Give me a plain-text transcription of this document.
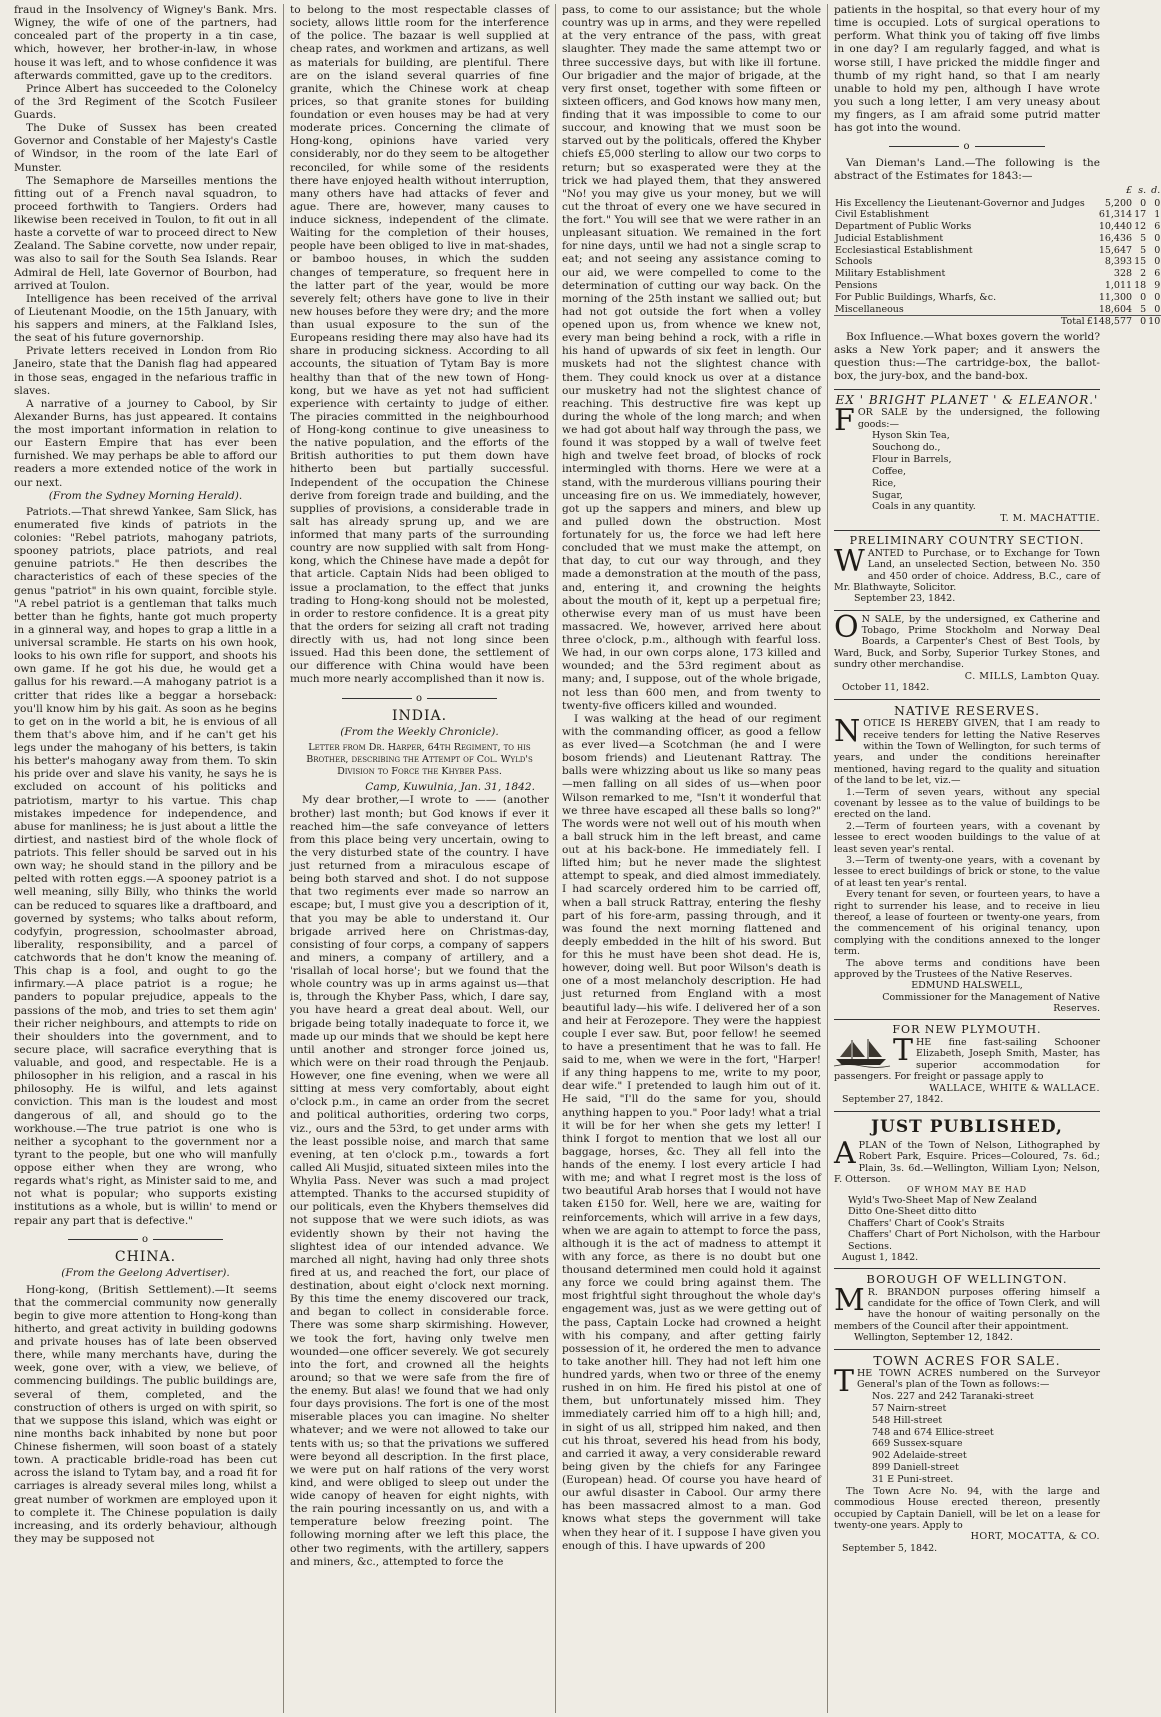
fraud in the Insolvency of Wigney's Bank. Mrs. Wigney, the wife of one of the partners, had concealed part of the property in a tin case, which, however, her brother-in-law, in whose house it was left, and to whose confidence it was afterwards committed, gave up to the creditors.

Prince Albert has succeeded to the Colonelcy of the 3rd Regiment of the Scotch Fusileer Guards.

The Duke of Sussex has been created Governor and Constable of her Majesty's Castle of Windsor, in the room of the late Earl of Munster.

The Semaphore de Marseilles mentions the fitting out of a French naval squadron, to proceed forthwith to Tangiers. Orders had likewise been received in Toulon, to fit out in all haste a corvette of war to proceed direct to New Zealand. The Sabine corvette, now under repair, was also to sail for the South Sea Islands. Rear Admiral de Hell, late Governor of Bourbon, had arrived at Toulon.

Intelligence has been received of the arrival of Lieutenant Moodie, on the 15th January, with his sappers and miners, at the Falkland Isles, the seat of his future governorship.

Private letters received in London from Rio Janeiro, state that the Danish flag had appeared in those seas, engaged in the nefarious traffic in slaves.

A narrative of a journey to Cabool, by Sir Alexander Burns, has just appeared. It contains the most important information in relation to our Eastern Empire that has ever been furnished. We may perhaps be able to afford our readers a more extended notice of the work in our next.

(From the Sydney Morning Herald).

Patriots.—That shrewd Yankee, Sam Slick, has enumerated five kinds of patriots in the colonies: "Rebel patriots, mahogany patriots, spooney patriots, place patriots, and real genuine patriots." He then describes the characteristics of each of these species of the genus "patriot" in his own quaint, forcible style. "A rebel patriot is a gentleman that talks much better than he fights, hante got much property in a ginneral way, and hopes to grap a little in a universal scramble. He starts on his own hook, looks to his own rifle for support, and shoots his own game. If he got his due, he would get a gallus for his reward.—A mahogany patriot is a critter that rides like a beggar a horseback: you'll know him by his gait. As soon as he begins to get on in the world a bit, he is envious of all them that's above him, and if he can't get his legs under the mahogany of his betters, is takin his better's mahogany away from them. To skin his pride over and slave his vanity, he says he is excluded on account of his politicks and patriotism, martyr to his vartue. This chap mistakes impedence for independence, and abuse for manliness; he is just about a little the dirtiest, and nastiest bird of the whole flock of patriots. This feller should be sarved out in his own way; he should stand in the pillory and be pelted with rotten eggs.—A spooney patriot is a well meaning, silly Billy, who thinks the world can be reduced to squares like a draftboard, and governed by systems; who talks about reform, codyfyin, progression, schoolmaster abroad, liberality, responsibility, and a parcel of catchwords that he don't know the meaning of. This chap is a fool, and ought to go the infirmary.—A place patriot is a rogue; he panders to popular prejudice, appeals to the passions of the mob, and tries to set them agin' their richer neighbours, and attempts to ride on their shoulders into the government, and to secure place, will sacrafice everything that is valuable, and good, and respectable. He is a philosopher in his religion, and a rascal in his philosophy. He is wilful, and lets against conviction. This man is the loudest and most dangerous of all, and should go to the workhouse.—The true patriot is one who is neither a sycophant to the government nor a tyrant to the people, but one who will manfully oppose either when they are wrong, who regards what's right, as Minister said to me, and not what is popular; who supports existing institutions as a whole, but is willin' to mend or repair any part that is defective."

o
CHINA.
(From the Geelong Advertiser).

Hong-kong, (British Settlement).—It seems that the commercial community now generally begin to give more attention to Hong-kong than hitherto, and great activity in building godowns and private houses has of late been observed there, while many merchants have, during the week, gone over, with a view, we believe, of commencing buildings. The public buildings are, several of them, completed, and the construction of others is urged on with spirit, so that we suppose this island, which was eight or nine months back inhabited by none but poor Chinese fishermen, will soon boast of a stately town. A practicable bridle-road has been cut across the island to Tytam bay, and a road fit for carriages is already several miles long, whilst a great number of workmen are employed upon it to complete it. The Chinese population is daily increasing, and its orderly behaviour, although they may be supposed not

to belong to the most respectable classes of society, allows little room for the interference of the police. The bazaar is well supplied at cheap rates, and workmen and artizans, as well as materials for building, are plentiful. There are on the island several quarries of fine granite, which the Chinese work at cheap prices, so that granite stones for building foundation or even houses may be had at very moderate prices. Concerning the climate of Hong-kong, opinions have varied very considerably, nor do they seem to be altogether reconciled, for while some of the residents there have enjoyed health without interruption, many others have had attacks of fever and ague. There are, however, many causes to induce sickness, independent of the climate. Waiting for the completion of their houses, people have been obliged to live in mat-shades, or bamboo houses, in which the sudden changes of temperature, so frequent here in the latter part of the year, would be more severely felt; others have gone to live in their new houses before they were dry; and the more than usual exposure to the sun of the Europeans residing there may also have had its share in producing sickness. According to all accounts, the situation of Tytam Bay is more healthy than that of the new town of Hong-kong, but we have as yet not had sufficient experience with certainty to judge of either. The piracies committed in the neighbourhood of Hong-kong continue to give uneasiness to the native population, and the efforts of the British authorities to put them down have hitherto been but partially successful. Independent of the occupation the Chinese derive from foreign trade and building, and the supplies of provisions, a considerable trade in salt has already sprung up, and we are informed that many parts of the surrounding country are now supplied with salt from Hong-kong, which the Chinese have made a depôt for that article. Captain Nids had been obliged to issue a proclamation, to the effect that junks trading to Hong-kong should not be molested, in order to restore confidence. It is a great pity that the orders for seizing all craft not trading directly with us, had not long since been issued. Had this been done, the settlement of our difference with China would have been much more nearly accomplished than it now is.

o
INDIA.
(From the Weekly Chronicle).
Letter from Dr. Harper, 64th Regiment, to his Brother, describing the Attempt of Col. Wyld's Division to Force the Khyber Pass.
Camp, Kuwulnia, Jan. 31, 1842.

My dear brother,—I wrote to —— (another brother) last month; but God knows if ever it reached him—the safe conveyance of letters from this place being very uncertain, owing to the very disturbed state of the country. I have just returned from a miraculous escape of being both starved and shot. I do not suppose that two regiments ever made so narrow an escape; but, I must give you a description of it, that you may be able to understand it. Our brigade arrived here on Christmas-day, consisting of four corps, a company of sappers and miners, a company of artillery, and a 'risallah of local horse'; but we found that the whole country was up in arms against us—that is, through the Khyber Pass, which, I dare say, you have heard a great deal about. Well, our brigade being totally inadequate to force it, we made up our minds that we should be kept here until another and stronger force joined us, which were on their road through the Penjaub. However, one fine evening, when we were all sitting at mess very comfortably, about eight o'clock p.m., in came an order from the secret and political authorities, ordering two corps, viz., ours and the 53rd, to get under arms with the least possible noise, and march that same evening, at ten o'clock p.m., towards a fort called Ali Musjid, situated sixteen miles into the Whylia Pass. Never was such a mad project attempted. Thanks to the accursed stupidity of our politicals, even the Khybers themselves did not suppose that we were such idiots, as was evidently shown by their not having the slightest idea of our intended advance. We marched all night, having had only three shots fired at us, and reached the fort, our place of destination, about eight o'clock next morning. By this time the enemy discovered our track, and began to collect in considerable force. There was some sharp skirmishing. However, we took the fort, having only twelve men wounded—one officer severely. We got securely into the fort, and crowned all the heights around; so that we were safe from the fire of the enemy. But alas! we found that we had only four days provisions. The fort is one of the most miserable places you can imagine. No shelter whatever; and we were not allowed to take our tents with us; so that the privations we suffered were beyond all description. In the first place, we were put on half rations of the very worst kind, and were obliged to sleep out under the wide canopy of heaven for eight nights, with the rain pouring incessantly on us, and with a temperature below freezing point. The following morning after we left this place, the other two regiments, with the artillery, sappers and miners, &c., attempted to force the

pass, to come to our assistance; but the whole country was up in arms, and they were repelled at the very entrance of the pass, with great slaughter. They made the same attempt two or three successive days, but with like ill fortune. Our brigadier and the major of brigade, at the very first onset, together with some fifteen or sixteen officers, and God knows how many men, finding that it was impossible to come to our succour, and knowing that we must soon be starved out by the politicals, offered the Khyber chiefs £5,000 sterling to allow our two corps to return; but so exasperated were they at the trick we had played them, that they answered "No! you may give us your money, but we will cut the throat of every one we have secured in the fort." You will see that we were rather in an unpleasant situation. We remained in the fort for nine days, until we had not a single scrap to eat; and not seeing any assistance coming to our aid, we were compelled to come to the determination of cutting our way back. On the morning of the 25th instant we sallied out; but had not got outside the fort when a volley opened upon us, from whence we knew not, every man being behind a rock, with a rifle in his hand of upwards of six feet in length. Our muskets had not the slightest chance with them. They could knock us over at a distance our musketry had not the slightest chance of reaching. This destructive fire was kept up during the whole of the long march; and when we had got about half way through the pass, we found it was stopped by a wall of twelve feet high and twelve feet broad, of blocks of rock intermingled with thorns. Here we were at a stand, with the murderous villians pouring their unceasing fire on us. We immediately, however, got up the sappers and miners, and blew up and pulled down the obstruction. Most fortunately for us, the force we had left here concluded that we must make the attempt, on that day, to cut our way through, and they made a demonstration at the mouth of the pass, and, entering it, and crowning the heights about the mouth of it, kept up a perpetual fire; otherwise every man of us must have been massacred. We, however, arrived here about three o'clock, p.m., although with fearful loss. We had, in our own corps alone, 173 killed and wounded; and the 53rd regiment about as many; and, I suppose, out of the whole brigade, not less than 600 men, and from twenty to twenty-five officers killed and wounded.

I was walking at the head of our regiment with the commanding officer, as good a fellow as ever lived—a Scotchman (he and I were bosom friends) and Lieutenant Rattray. The balls were whizzing about us like so many peas —men falling on all sides of us—when poor Wilson remarked to me, "Isn't it wonderful that we three have escaped all these balls so long?" The words were not well out of his mouth when a ball struck him in the left breast, and came out at his back-bone. He immediately fell. I lifted him; but he never made the slightest attempt to speak, and died almost immediately. I had scarcely ordered him to be carried off, when a ball struck Rattray, entering the fleshy part of his fore-arm, passing through, and it was found the next morning flattened and deeply embedded in the hilt of his sword. But for this he must have been shot dead. He is, however, doing well. But poor Wilson's death is one of a most melancholy description. He had just returned from England with a most beautiful lady—his wife. I delivered her of a son and heir at Ferozepore. They were the happiest couple I ever saw. But, poor fellow! he seemed to have a presentiment that he was to fall. He said to me, when we were in the fort, "Harper! if any thing happens to me, write to my poor, dear wife." I pretended to laugh him out of it. He said, "I'll do the same for you, should anything happen to you." Poor lady! what a trial it will be for her when she gets my letter! I think I forgot to mention that we lost all our baggage, horses, &c. They all fell into the hands of the enemy. I lost every article I had with me; and what I regret most is the loss of two beautiful Arab horses that I would not have taken £150 for. Well, here we are, waiting for reinforcements, which will arrive in a few days, when we are again to attempt to force the pass, although it is the act of madness to attempt it with any force, as there is no doubt but one thousand determined men could hold it against any force we could bring against them. The most frightful sight throughout the whole day's engagement was, just as we were getting out of the pass, Captain Locke had crowned a height with his company, and after getting fairly possession of it, he ordered the men to advance to take another hill. They had not left him one hundred yards, when two or three of the enemy rushed in on him. He fired his pistol at one of them, but unfortunately missed him. They immediately carried him off to a high hill; and, in sight of us all, stripped him naked, and then cut his throat, severed his head from his body, and carried it away, a very considerable reward being given by the chiefs for any Faringee (European) head. Of course you have heard of our awful disaster in Cabool. Our army there has been massacred almost to a man. God knows what steps the government will take when they hear of it. I suppose I have given you enough of this. I have upwards of 200

patients in the hospital, so that every hour of my time is occupied. Lots of surgical operations to perform. What think you of taking off five limbs in one day? I am regularly fagged, and what is worse still, I have pricked the middle finger and thumb of my right hand, so that I am nearly unable to hold my pen, although I have wrote you such a long letter, I am very uneasy about my fingers, as I am afraid some putrid matter has got into the wound.

o

Van Dieman's Land.—The following is the abstract of the Estimates for 1843:—

	£	s.	d.
His Excellency the Lieutenant-Governor and Judges	5,200	0	0
Civil Establishment	61,314	17	1
Department of Public Works	10,440	12	6
Judicial Establishment	16,436	5	0
Ecclesiastical Establishment	15,647	5	0
Schools	8,393	15	0
Military Establishment	328	2	6
Pensions	1,011	18	9
For Public Buildings, Wharfs, &c.	11,300	0	0
Miscellaneous	18,604	5	0
Total	£148,577	0	10

Box Influence.—What boxes govern the world? asks a New York paper; and it answers the question thus:—The cartridge-box, the ballot-box, the jury-box, and the band-box.

EX ' BRIGHT PLANET ' & ELEANOR.'
FOR SALE by the undersigned, the following goods:—
Hyson Skin Tea,
Souchong do.,
Flour in Barrels,
Coffee,
Rice,
Sugar,
Coals in any quantity.
T. M. MACHATTIE.
PRELIMINARY COUNTRY SECTION.
WANTED to Purchase, or to Exchange for Town Land, an unselected Section, between No. 350 and 450 order of choice. Address, B.C., care of Mr. Blathwayte, Solicitor.
September 23, 1842.
O N SALE, by the undersigned, ex Catherine and Tobago, Prime Stockholm and Norway Deal Boards, a Carpenter's Chest of Best Tools, by Ward, Buck, and Sorby, Superior Turkey Stones, and sundry other merchandise.
C. MILLS, Lambton Quay.
October 11, 1842.
NATIVE RESERVES.
NOTICE IS HEREBY GIVEN, that I am ready to receive tenders for letting the Native Reserves within the Town of Wellington, for such terms of years, and under the conditions hereinafter mentioned, having regard to the quality and situation of the land to be let, viz.—

1.—Term of seven years, without any special covenant by lessee as to the value of buildings to be erected on the land.

2.—Term of fourteen years, with a covenant by lessee to erect wooden buildings to the value of at least seven year's rental.

3.—Term of twenty-one years, with a covenant by lessee to erect buildings of brick or stone, to the value of at least ten year's rental.

Every tenant for seven, or fourteen years, to have a right to surrender his lease, and to receive in lieu thereof, a lease of fourteen or twenty-one years, from the commencement of his original tenancy, upon complying with the conditions annexed to the longer term.

The above terms and conditions have been approved by the Trustees of the Native Reserves.

EDMUND HALSWELL,
Commissioner for the Management of Native Reserves.
FOR NEW PLYMOUTH.
THE fine fast-sailing Schooner Elizabeth, Joseph Smith, Master, has superior accommodation for passengers. For freight or passage apply to
WALLACE, WHITE & WALLACE.
September 27, 1842.
JUST PUBLISHED,
APLAN of the Town of Nelson, Lithographed by Robert Park, Esquire. Prices—Coloured, 7s. 6d.; Plain, 3s. 6d.—Wellington, William Lyon; Nelson, F. Otterson.
OF WHOM MAY BE HAD
Wyld's Two-Sheet Map of New Zealand
Ditto One-Sheet ditto ditto
Chaffers' Chart of Cook's Straits
Chaffers' Chart of Port Nicholson, with the Harbour Sections.
August 1, 1842.
BOROUGH OF WELLINGTON.
M R. BRANDON purposes offering himself a candidate for the office of Town Clerk, and will have the honour of waiting personally on the members of the Council after their appointment.
Wellington, September 12, 1842.
TOWN ACRES FOR SALE.
THE TOWN ACRES numbered on the Surveyor General's plan of the Town as follows:—
Nos. 227 and 242 Taranaki-street
57 Nairn-street
548 Hill-street
748 and 674 Ellice-street
669 Sussex-square
902 Adelaide-street
899 Daniell-street
31 E Puni-street.

The Town Acre No. 94, with the large and commodious House erected thereon, presently occupied by Captain Daniell, will be let on a lease for twenty-one years. Apply to

HORT, MOCATTA, & CO.
September 5, 1842.
